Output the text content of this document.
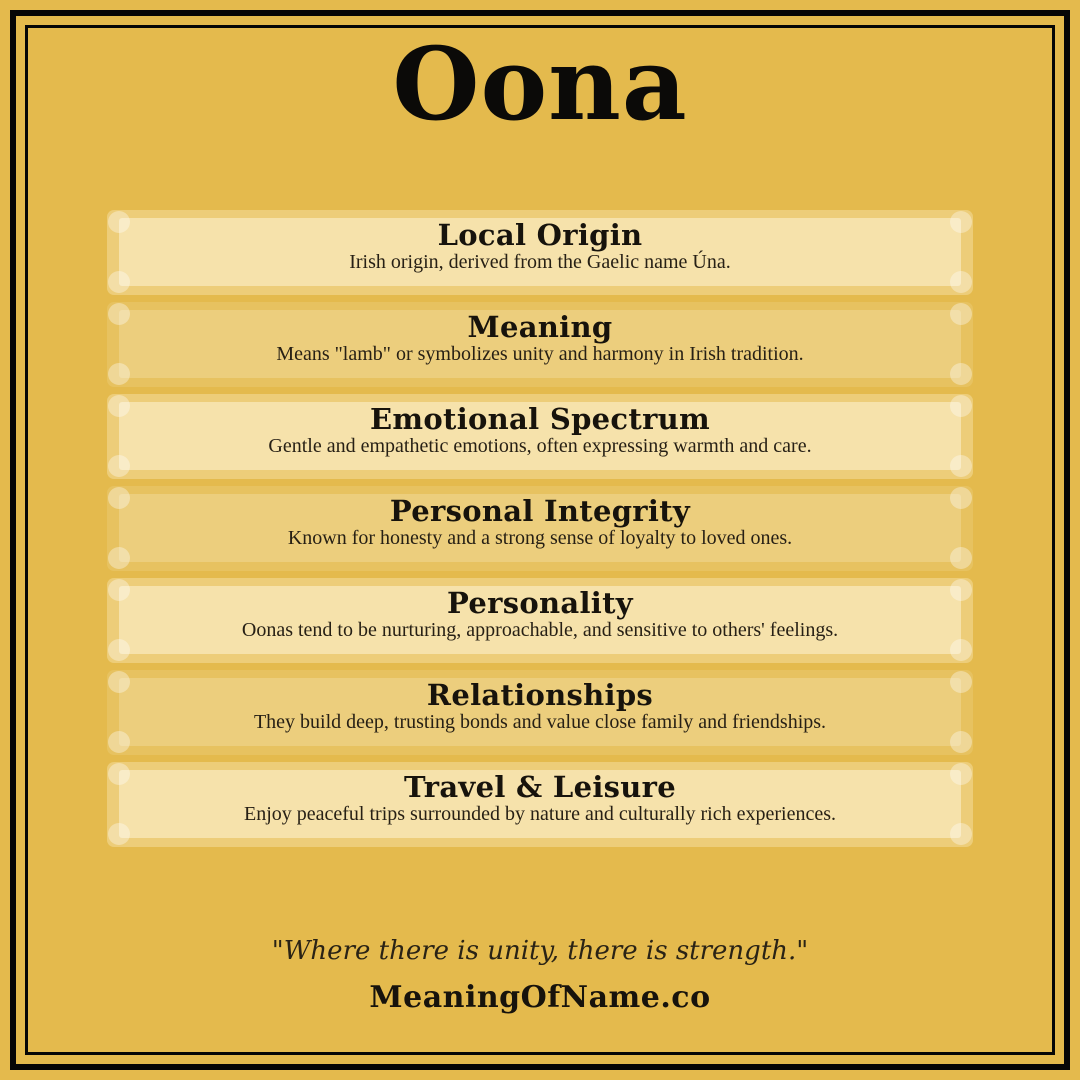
Oona
Local Origin

Irish origin, derived from the Gaelic name Úna.

Meaning

Means "lamb" or symbolizes unity and harmony in Irish tradition.

Emotional Spectrum

Gentle and empathetic emotions, often expressing warmth and care.

Personal Integrity

Known for honesty and a strong sense of loyalty to loved ones.

Personality

Oonas tend to be nurturing, approachable, and sensitive to others' feelings.

Relationships

They build deep, trusting bonds and value close family and friendships.

Travel & Leisure

Enjoy peaceful trips surrounded by nature and culturally rich experiences.

"Where there is unity, there is strength."
MeaningOfName.co
